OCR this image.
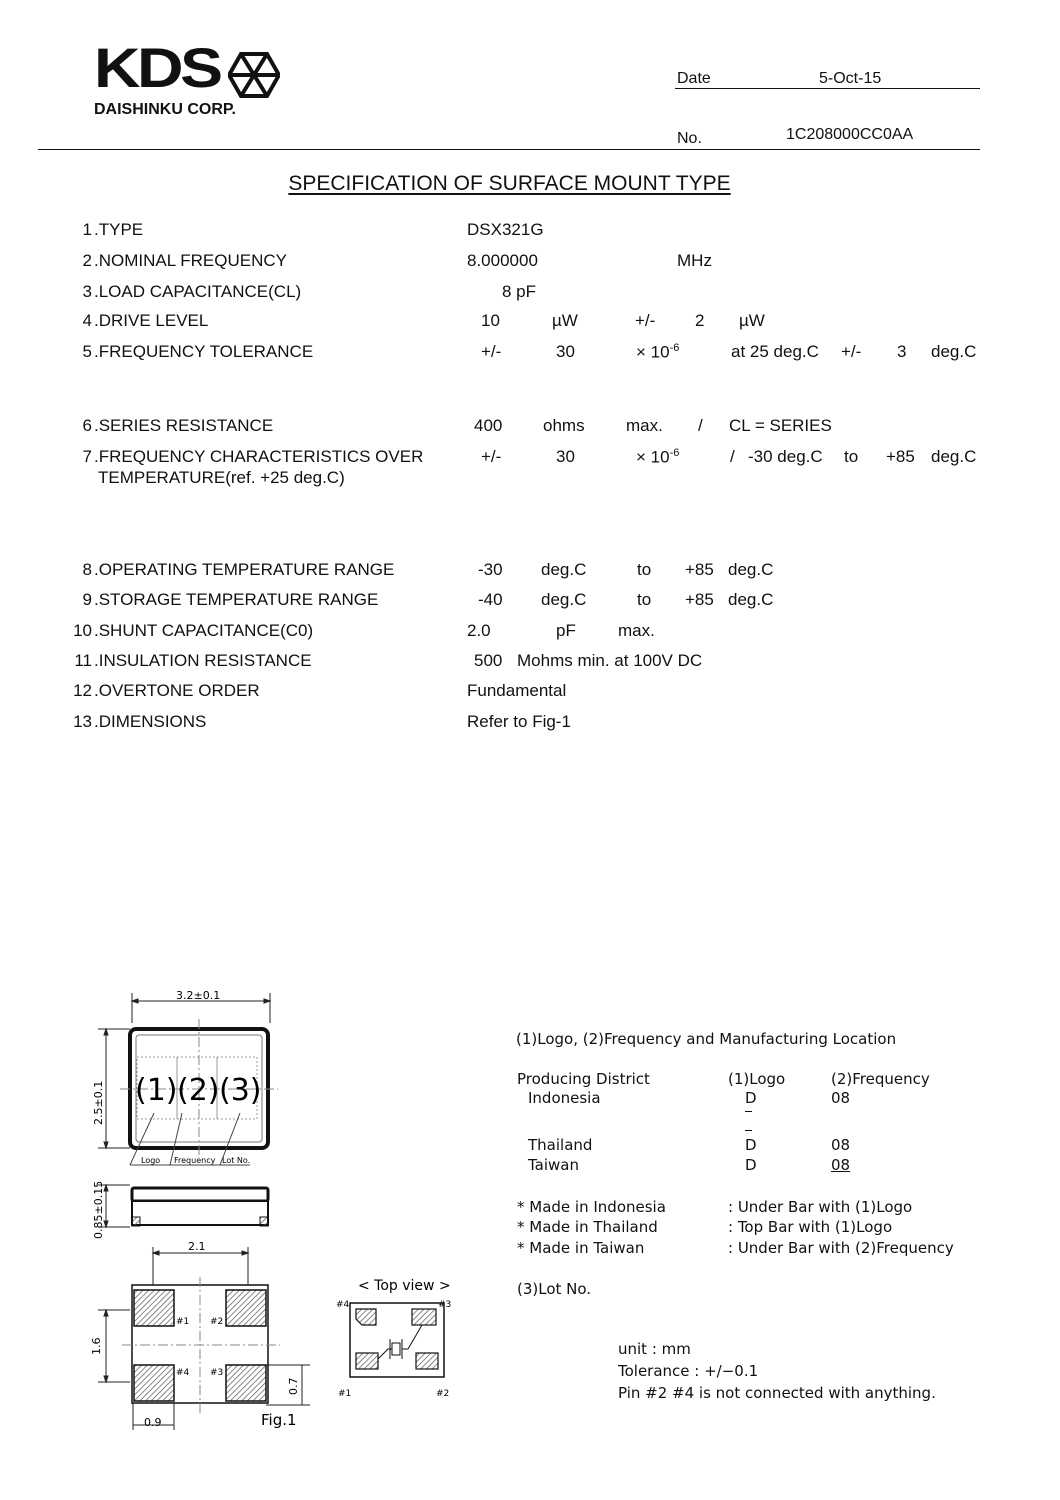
KDS
DAISHINKU CORP.
Date	5-Oct-15
No.	1C208000CC0AA
SPECIFICATION OF SURFACE MOUNT TYPE
1 .TYPE	DSX321G
2 .NOMINAL FREQUENCY	8.000000	MHz
3 .LOAD CAPACITANCE(CL)	8 pF
4 .DRIVE LEVEL	10	µW	+/- 2 µW
5 .FREQUENCY TOLERANCE	+/-	30	× $10^{-6}$	at 25 deg.C +/- 3 deg.C
6 .SERIES RESISTANCE	400 ohms max. / CL = SERIES
7 .FREQUENCY CHARACTERISTICS OVER
TEMPERATURE(ref. +25 deg.C)
+/-	30	× $10^{-6}$	/ -30 deg.C to +85 deg.C
8 .OPERATING TEMPERATURE RANGE	-30 deg.C	to +85 deg.C
9 .STORAGE TEMPERATURE RANGE	-40 deg.C	to +85 deg.C
10 .SHUNT CAPACITANCE(C0)	2.0	pF max.
11 .INSULATION RESISTANCE	500 Mohms min. at 100V DC
12 .OVERTONE ORDER	Fundamental
13 .DIMENSIONS	Refer to Fig-1
3.2±0.1
2.5±0.1 (1) (2) (3)
Logo Frequency Lot No.
0.85±0.15
2.1
1.6
0.7
0.9
#1 #2
#4 #3
< Top view >
#4	#3
#1	#2
Fig.1
(1)Logo, (2)Frequency and Manufacturing Location
Producing District	(1)Logo	(2)Frequency
Indonesia	D	08
Thailand	D	08
Taiwan	D	08
* Made in Indonesia	: Under Bar with (1)Logo
* Made in Thailand	: Top Bar with (1)Logo
* Made in Taiwan	: Under Bar with (2)Frequency
(3)Lot No.
unit : mm
Tolerance : +/−0.1
Pin #2 #4 is not connected with anything.
